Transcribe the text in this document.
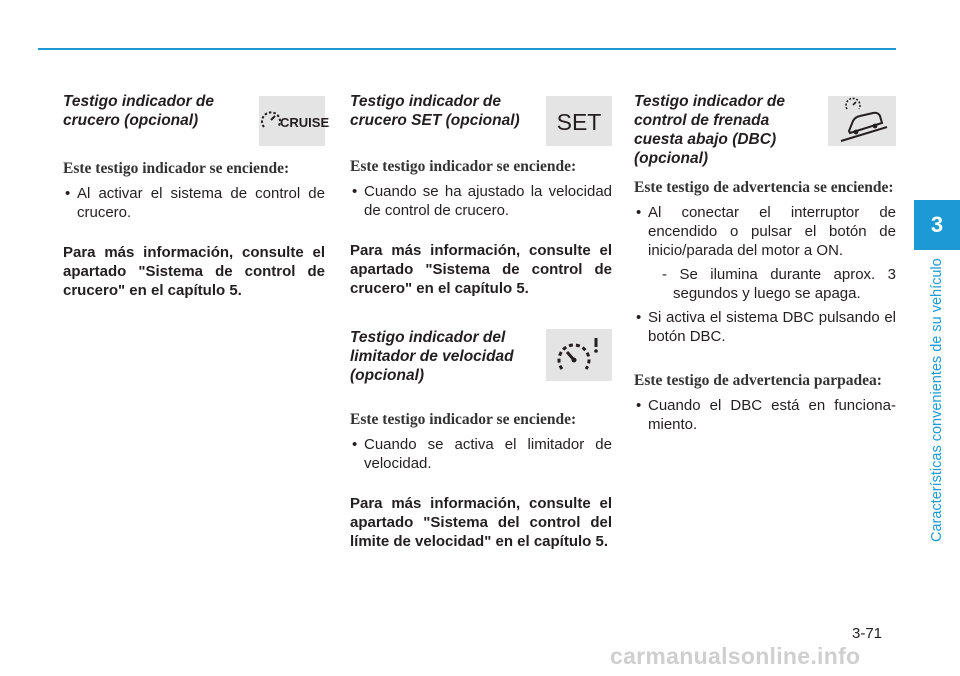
Testigo indicador de crucero (opcional)	CRUISE

Este testigo indicador se enciende:

• Al activar el sistema de control de crucero.

Para más información, consulte el apartado "Sistema de control de crucero" en el capítulo 5.

Testigo indicador de crucero SET (opcional)	SET

Este testigo indicador se enciende:

• Cuando se ha ajustado la velocidad de control de crucero.

Para más información, consulte el apartado "Sistema de control de crucero" en el capítulo 5.

Testigo indicador del limitador de velocidad (opcional)

Este testigo indicador se enciende:

• Cuando se activa el limitador de velocidad.

Para más información, consulte el apartado "Sistema del control del límite de velocidad" en el capítulo 5.

Testigo indicador de control de frenada cuesta abajo (DBC) (opcional)

Este testigo de advertencia se enciende:

• Al conectar el interruptor de encendido o pulsar el botón de inicio/parada del motor a ON.

- Se ilumina durante aprox. 3 segundos y luego se apaga.

• Si activa el sistema DBC pulsando el botón DBC.

Este testigo de advertencia parpadea:

• Cuando el DBC está en funciona-miento.

3
Características convenientes de su vehículo
3-71
carmanualsonline.info
